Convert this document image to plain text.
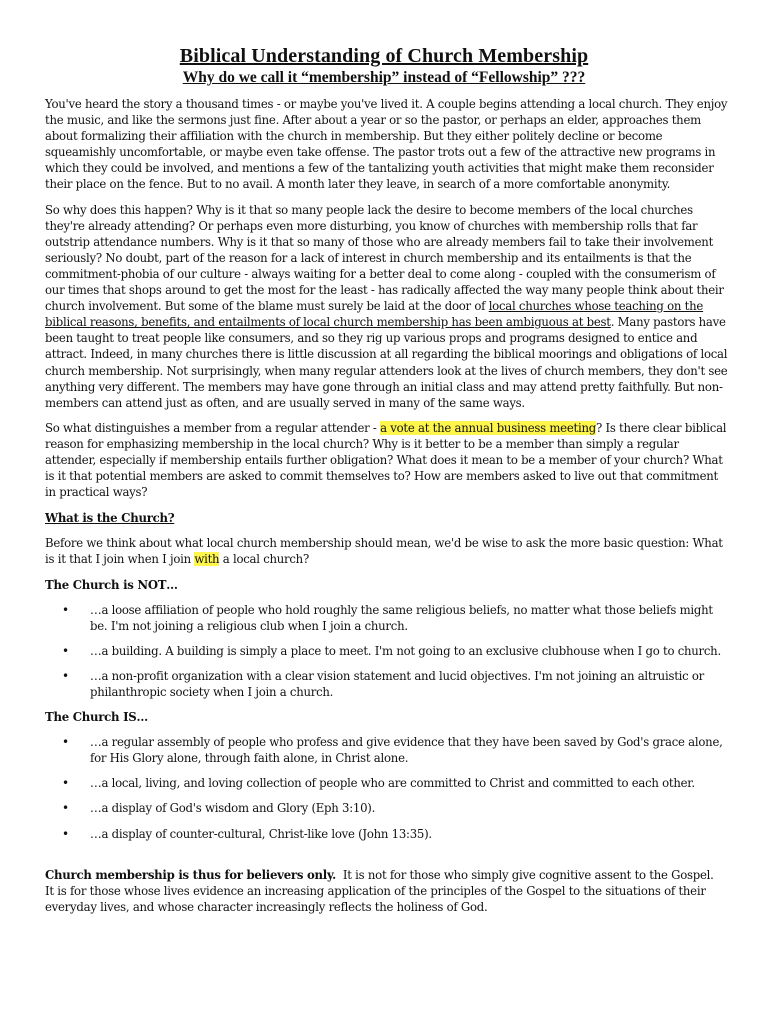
Biblical Understanding of Church Membership
Why do we call it “membership” instead of “Fellowship” ???

You've heard the story a thousand times - or maybe you've lived it. A couple begins attending a local church. They enjoy the music, and like the sermons just fine. After about a year or so the pastor, or perhaps an elder, approaches them about formalizing their affiliation with the church in membership. But they either politely decline or become squeamishly uncomfortable, or maybe even take offense. The pastor trots out a few of the attractive new programs in which they could be involved, and mentions a few of the tantalizing youth activities that might make them reconsider their place on the fence. But to no avail. A month later they leave, in search of a more comfortable anonymity.

So why does this happen? Why is it that so many people lack the desire to become members of the local churches they're already attending? Or perhaps even more disturbing, you know of churches with membership rolls that far outstrip attendance numbers. Why is it that so many of those who are already members fail to take their involvement seriously? No doubt, part of the reason for a lack of interest in church membership and its entailments is that the commitment-phobia of our culture - always waiting for a better deal to come along - coupled with the consumerism of our times that shops around to get the most for the least - has radically affected the way many people think about their church involvement. But some of the blame must surely be laid at the door of local churches whose teaching on the biblical reasons, benefits, and entailments of local church membership has been ambiguous at best. Many pastors have been taught to treat people like consumers, and so they rig up various props and programs designed to entice and attract. Indeed, in many churches there is little discussion at all regarding the biblical moorings and obligations of local church membership. Not surprisingly, when many regular attenders look at the lives of church members, they don't see anything very different. The members may have gone through an initial class and may attend pretty faithfully. But non-members can attend just as often, and are usually served in many of the same ways.

So what distinguishes a member from a regular attender - a vote at the annual business meeting? Is there clear biblical reason for emphasizing membership in the local church? Why is it better to be a member than simply a regular attender, especially if membership entails further obligation? What does it mean to be a member of your church? What is it that potential members are asked to commit themselves to? How are members asked to live out that commitment in practical ways?

What is the Church?

Before we think about what local church membership should mean, we'd be wise to ask the more basic question: What is it that I join when I join with a local church?

The Church is NOT…

• …a loose affiliation of people who hold roughly the same religious beliefs, no matter what those beliefs might be. I'm not joining a religious club when I join a church.
• …a building. A building is simply a place to meet. I'm not going to an exclusive clubhouse when I go to church.
• …a non-profit organization with a clear vision statement and lucid objectives. I'm not joining an altruistic or philanthropic society when I join a church.

The Church IS…

• …a regular assembly of people who profess and give evidence that they have been saved by God's grace alone, for His Glory alone, through faith alone, in Christ alone.
• …a local, living, and loving collection of people who are committed to Christ and committed to each other.
• …a display of God's wisdom and Glory (Eph 3:10).
• …a display of counter-cultural, Christ-like love (John 13:35).

Church membership is thus for believers only.  It is not for those who simply give cognitive assent to the Gospel.  It is for those whose lives evidence an increasing application of the principles of the Gospel to the situations of their everyday lives, and whose character increasingly reflects the holiness of God.
